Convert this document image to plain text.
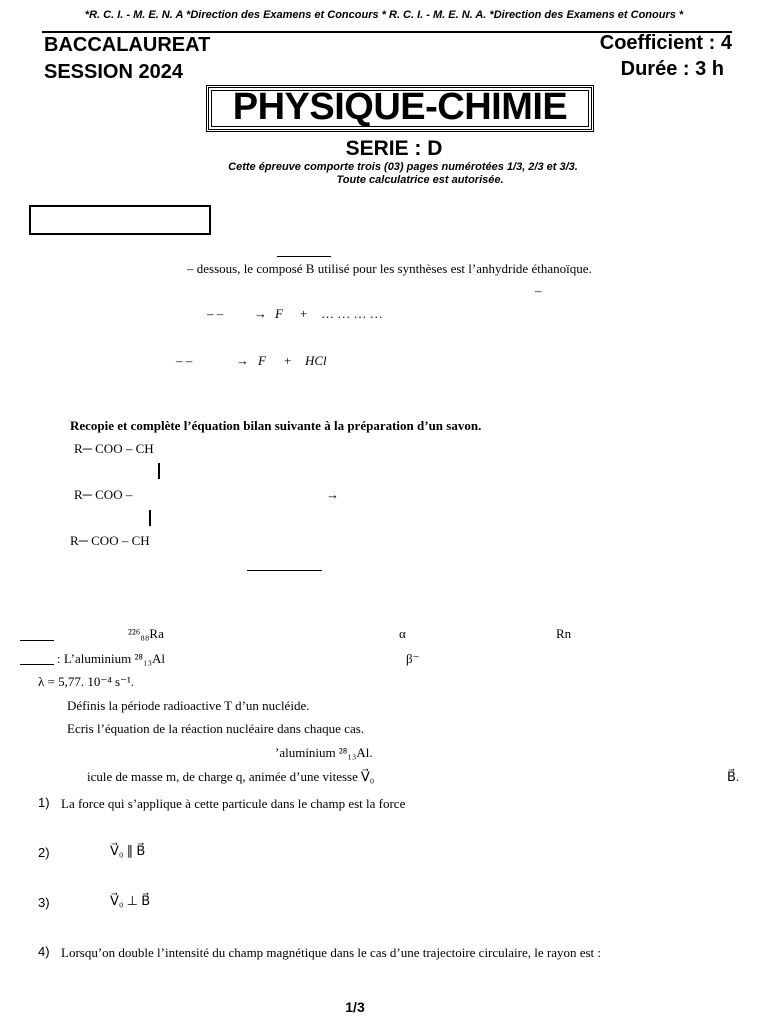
*R. C. I. - M. E. N. A *Direction des Examens et Concours * R. C. I. - M. E. N. A. *Direction des Examens et Conours *
BACCALAUREAT
SESSION 2024
Coefficient : 4
Durée : 3 h
PHYSIQUE-CHIMIE
SERIE : D
Cette épreuve comporte trois (03) pages numérotées 1/3, 2/3 et 3/3.
Toute calculatrice est autorisée.
– dessous, le composé B utilisé pour les synthèses est l’anhydride éthanoïque.
–
– – → F + … … … …
– –	→ F + HCl
Recopie et complète l’équation bilan suivante à la préparation d’un savon.
R─ COO – CH
R─ COO –	→
R─ COO – CH
²²⁶₈₈Ra	α	Rn
: L’aluminium ²⁸₁₃Al	β⁻
λ = 5,77. 10⁻⁴ s⁻¹.
Définis la période radioactive T d’un nucléide.
Ecris l’équation de la réaction nucléaire dans chaque cas.
’aluminium ²⁸₁₃Al.
icule de masse m, de charge q, animée d’une vitesse V⃗₀	B⃗.
1) La force qui s’applique à cette particule dans le champ est la force
2)	V⃗₀ ∥ B⃗
3)	V⃗₀ ⊥ B⃗
4) Lorsqu’on double l’intensité du champ magnétique dans le cas d’une trajectoire circulaire, le rayon est :
1/3
